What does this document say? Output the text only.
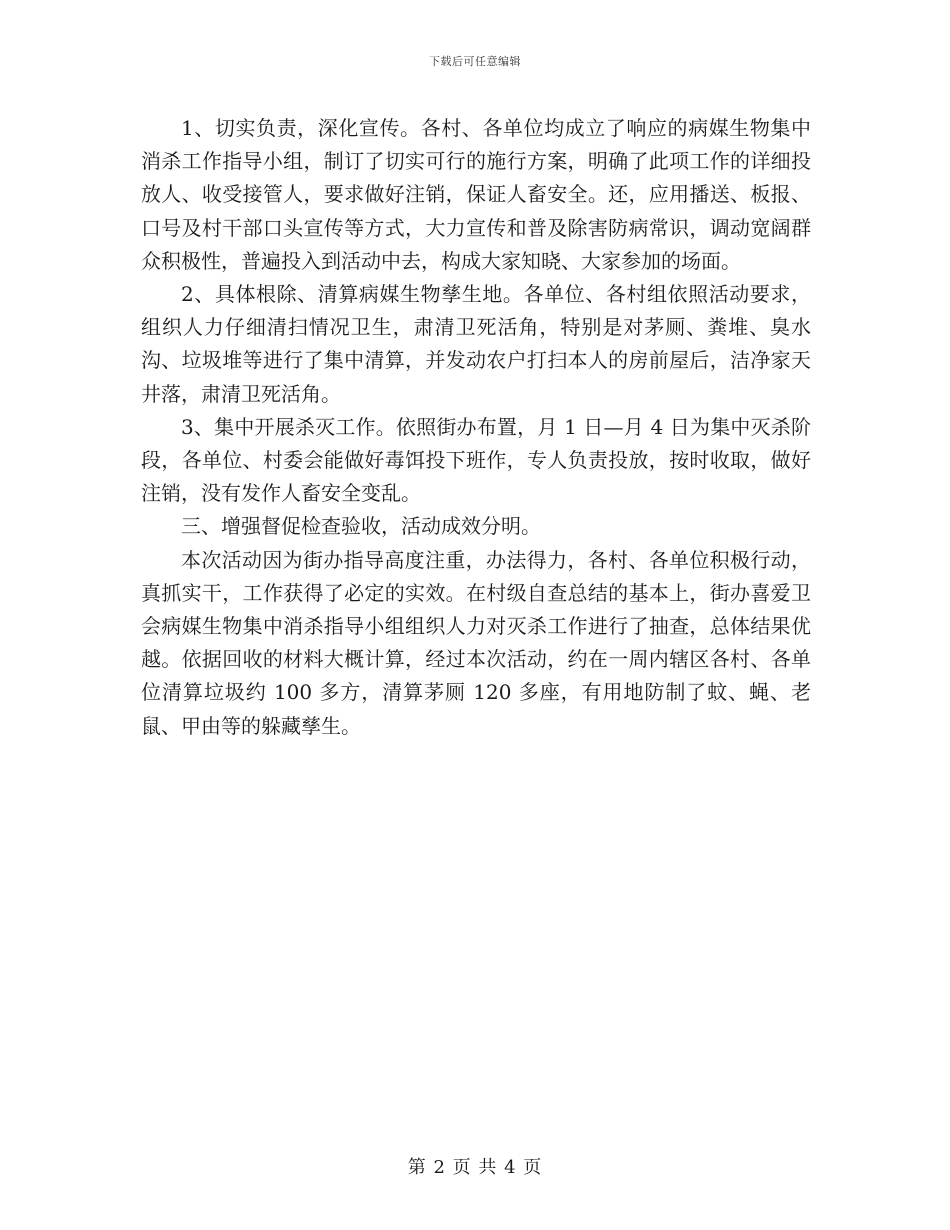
下载后可任意编辑

1、切实负责，深化宣传。各村、各单位均成立了响应的病媒生物集中消杀工作指导小组，制订了切实可行的施行方案，明确了此项工作的详细投放人、收受接管人，要求做好注销，保证人畜安全。还，应用播送、板报、口号及村干部口头宣传等方式，大力宣传和普及除害防病常识，调动宽阔群众积极性，普遍投入到活动中去，构成大家知晓、大家参加的场面。

2、具体根除、清算病媒生物孳生地。各单位、各村组依照活动要求，组织人力仔细清扫情况卫生，肃清卫死活角，特别是对茅厕、粪堆、臭水沟、垃圾堆等进行了集中清算，并发动农户打扫本人的房前屋后，洁净家天井落，肃清卫死活角。

3、集中开展杀灭工作。依照街办布置，月 1 日—月 4 日为集中灭杀阶段，各单位、村委会能做好毒饵投下班作，专人负责投放，按时收取，做好注销，没有发作人畜安全变乱。

三、增强督促检查验收，活动成效分明。

本次活动因为街办指导高度注重，办法得力，各村、各单位积极行动，真抓实干，工作获得了必定的实效。在村级自查总结的基本上，街办喜爱卫会病媒生物集中消杀指导小组组织人力对灭杀工作进行了抽查，总体结果优越。依据回收的材料大概计算，经过本次活动，约在一周内辖区各村、各单位清算垃圾约 100 多方，清算茅厕 120 多座，有用地防制了蚊、蝇、老鼠、甲由等的躲藏孳生。

第 2 页 共 4 页
